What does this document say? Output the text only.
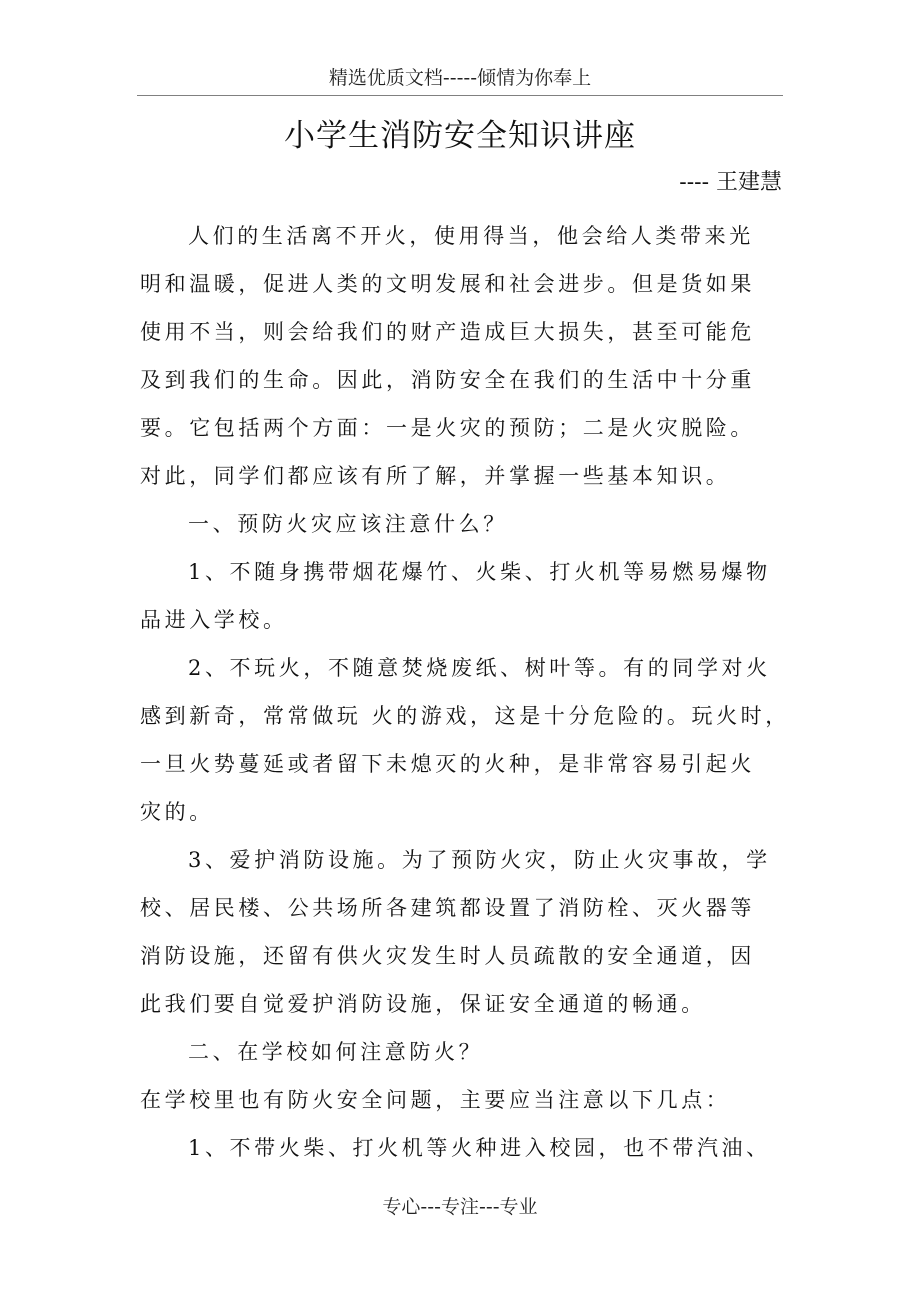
精选优质文档-----倾情为你奉上
小学生消防安全知识讲座
---- 王建慧
人们的生活离不开火，使用得当，他会给人类带来光
明和温暖，促进人类的文明发展和社会进步。但是货如果
使用不当，则会给我们的财产造成巨大损失，甚至可能危
及到我们的生命。因此，消防安全在我们的生活中十分重
要。它包括两个方面：一是火灾的预防；二是火灾脱险。
对此，同学们都应该有所了解，并掌握一些基本知识。
一、预防火灾应该注意什么？
1、不随身携带烟花爆竹、火柴、打火机等易燃易爆物
品进入学校。
2、不玩火，不随意焚烧废纸、树叶等。有的同学对火
感到新奇，常常做玩 火的游戏，这是十分危险的。玩火时，
一旦火势蔓延或者留下未熄灭的火种，是非常容易引起火
灾的。
3、爱护消防设施。为了预防火灾，防止火灾事故，学
校、居民楼、公共场所各建筑都设置了消防栓、灭火器等
消防设施，还留有供火灾发生时人员疏散的安全通道，因
此我们要自觉爱护消防设施，保证安全通道的畅通。
二、在学校如何注意防火？
在学校里也有防火安全问题，主要应当注意以下几点：
1、不带火柴、打火机等火种进入校园，也不带汽油、
专心---专注---专业
